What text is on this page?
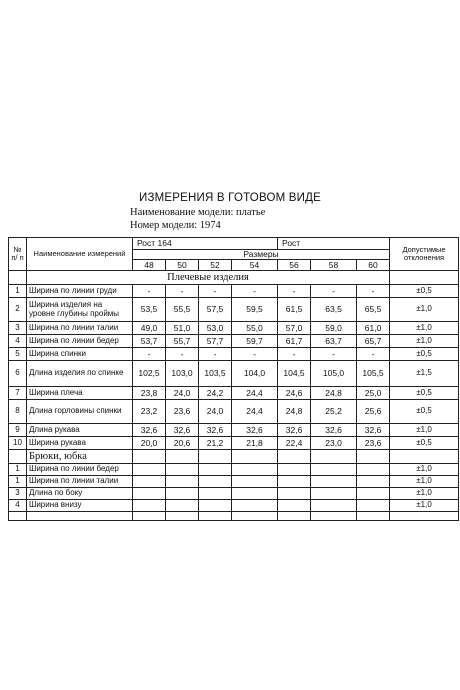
ИЗМЕРЕНИЯ В ГОТОВОМ ВИДЕ
Наименование модели: платье
Номер модели: 1974
№ п/ п	Наименование измерений	Рост 164				Рост			Допустимые отклонения
		Размеры							
		48	50	52	54	56	58	60	
	Плечевые изделия								
1	Ширина по линии груди	-	-	-	-	-	-	-	±0,5
2	Ширина изделия на уровне глубины проймы	53,5	55,5	57,5	59,5	61,5	63,5	65,5	±1,0
3	Ширина по линии талии	49,0	51,0	53,0	55,0	57,0	59,0	61,0	±1,0
4	Ширина по линии бедер	53,7	55,7	57,7	59,7	61,7	63,7	65,7	±1,0
5	Ширина спинки	-	-	-	-	-	-	-	±0,5
6	Длина изделия по спинке	102,5	103,0	103,5	104,0	104,5	105,0	105,5	±1,5
7	Ширина плеча	23,8	24,0	24,2	24,4	24,6	24,8	25,0	±0,5
8	Длина горловины спинки	23,2	23,6	24,0	24,4	24,8	25,2	25,6	±0,5
9	Длина рукава	32,6	32,6	32,6	32,6	32,6	32,6	32,6	±1,0
10	Ширина рукава	20,0	20,6	21,2	21,8	22,4	23,0	23,6	±0,5
	Брюки, юбка								
1	Ширина по линии бедер								±1,0
1	Ширина по линии талии								±1,0
3	Длина по боку								±1,0
4	Ширина внизу								±1,0
